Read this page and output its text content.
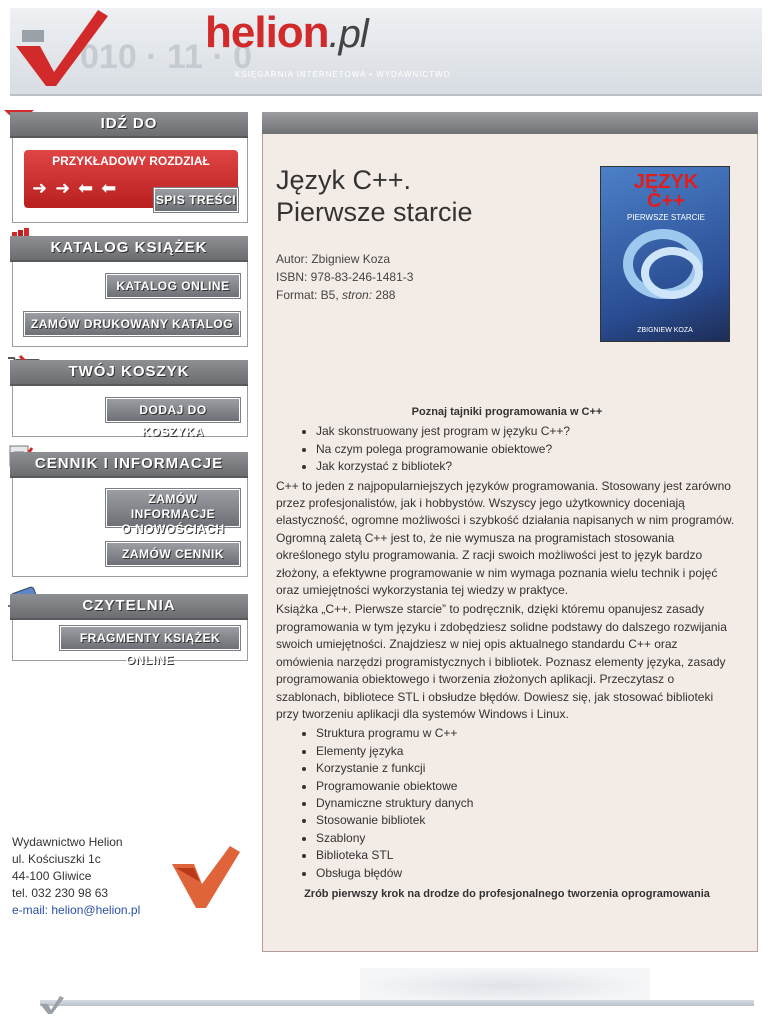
010 · 11 · 0
helion.pl
KSIĘGARNIA INTERNETOWA • WYDAWNICTWO
IDŹ DO
PRZYKŁADOWY ROZDZIAŁ
➜➜⬅⬅
SPIS TREŚCI
KATALOG KSIĄŻEK
KATALOG ONLINE
ZAMÓW DRUKOWANY KATALOG
TWÓJ KOSZYK
DODAJ DO KOSZYKA
CENNIK I INFORMACJE
ZAMÓW INFORMACJE
O NOWOŚCIACH
ZAMÓW CENNIK
CZYTELNIA
FRAGMENTY KSIĄŻEK ONLINE
Wydawnictwo Helion
ul. Kościuszki 1c
44-100 Gliwice
tel. 032 230 98 63
e-mail: helion@helion.pl
Język C++.
Pierwsze starcie
Autor: Zbigniew Koza
ISBN: 978-83-246-1481-3
Format: B5, stron: 288
JĘZYK
C++
PIERWSZE STARCIE
ZBIGNIEW KOZA
Poznaj tajniki programowania w C++
• Jak skonstruowany jest program w języku C++?
• Na czym polega programowanie obiektowe?
• Jak korzystać z bibliotek?

C++ to jeden z najpopularniejszych języków programowania. Stosowany jest zarówno przez profesjonalistów, jak i hobbystów. Wszyscy jego użytkownicy doceniają elastyczność, ogromne możliwości i szybkość działania napisanych w nim programów. Ogromną zaletą C++ jest to, że nie wymusza na programistach stosowania określonego stylu programowania. Z racji swoich możliwości jest to język bardzo złożony, a efektywne programowanie w nim wymaga poznania wielu technik i pojęć oraz umiejętności wykorzystania tej wiedzy w praktyce.

Książka „C++. Pierwsze starcie” to podręcznik, dzięki któremu opanujesz zasady programowania w tym języku i zdobędziesz solidne podstawy do dalszego rozwijania swoich umiejętności. Znajdziesz w niej opis aktualnego standardu C++ oraz omówienia narzędzi programistycznych i bibliotek. Poznasz elementy języka, zasady programowania obiektowego i tworzenia złożonych aplikacji. Przeczytasz o szablonach, bibliotece STL i obsłudze błędów. Dowiesz się, jak stosować biblioteki przy tworzeniu aplikacji dla systemów Windows i Linux.

• Struktura programu w C++
• Elementy języka
• Korzystanie z funkcji
• Programowanie obiektowe
• Dynamiczne struktury danych
• Stosowanie bibliotek
• Szablony
• Biblioteka STL
• Obsługa błędów
Zrób pierwszy krok na drodze do profesjonalnego tworzenia oprogramowania
